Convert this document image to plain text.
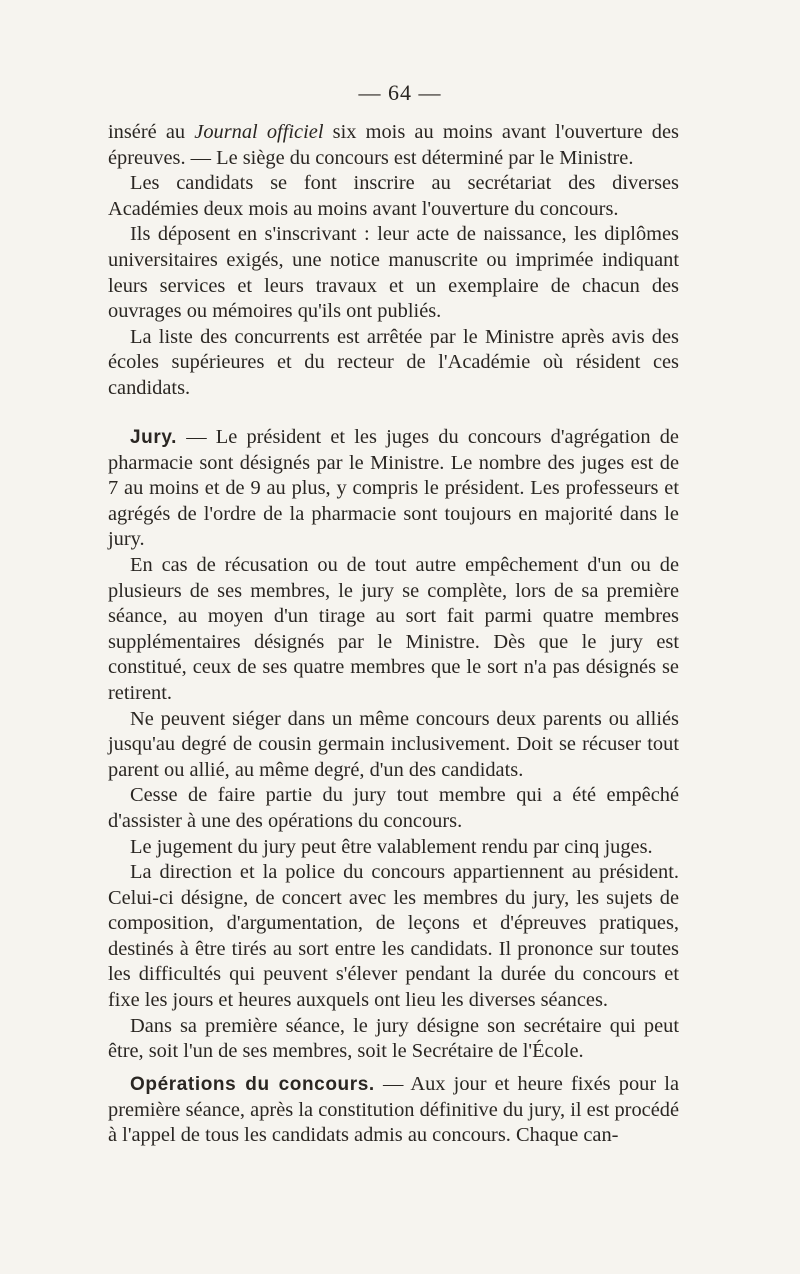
— 64 —

inséré au Journal officiel six mois au moins avant l'ouverture des épreuves. — Le siège du concours est déterminé par le Ministre.

Les candidats se font inscrire au secrétariat des diverses Académies deux mois au moins avant l'ouverture du concours.

Ils déposent en s'inscrivant : leur acte de naissance, les diplômes universitaires exigés, une notice manuscrite ou imprimée indiquant leurs services et leurs travaux et un exemplaire de chacun des ouvrages ou mémoires qu'ils ont publiés.

La liste des concurrents est arrêtée par le Ministre après avis des écoles supérieures et du recteur de l'Académie où résident ces candidats.

Jury. — Le président et les juges du concours d'agrégation de pharmacie sont désignés par le Ministre. Le nombre des juges est de 7 au moins et de 9 au plus, y compris le président. Les professeurs et agrégés de l'ordre de la pharmacie sont toujours en majorité dans le jury.

En cas de récusation ou de tout autre empêchement d'un ou de plusieurs de ses membres, le jury se complète, lors de sa première séance, au moyen d'un tirage au sort fait parmi quatre membres supplémentaires désignés par le Ministre. Dès que le jury est constitué, ceux de ses quatre membres que le sort n'a pas désignés se retirent.

Ne peuvent siéger dans un même concours deux parents ou alliés jusqu'au degré de cousin germain inclusivement. Doit se récuser tout parent ou allié, au même degré, d'un des candidats.

Cesse de faire partie du jury tout membre qui a été empêché d'assister à une des opérations du concours.

Le jugement du jury peut être valablement rendu par cinq juges.

La direction et la police du concours appartiennent au président. Celui-ci désigne, de concert avec les membres du jury, les sujets de composition, d'argumentation, de leçons et d'épreuves pratiques, destinés à être tirés au sort entre les candidats. Il prononce sur toutes les difficultés qui peuvent s'élever pendant la durée du concours et fixe les jours et heures auxquels ont lieu les diverses séances.

Dans sa première séance, le jury désigne son secrétaire qui peut être, soit l'un de ses membres, soit le Secrétaire de l'École.

Opérations du concours. — Aux jour et heure fixés pour la première séance, après la constitution définitive du jury, il est procédé à l'appel de tous les candidats admis au concours. Chaque can-
